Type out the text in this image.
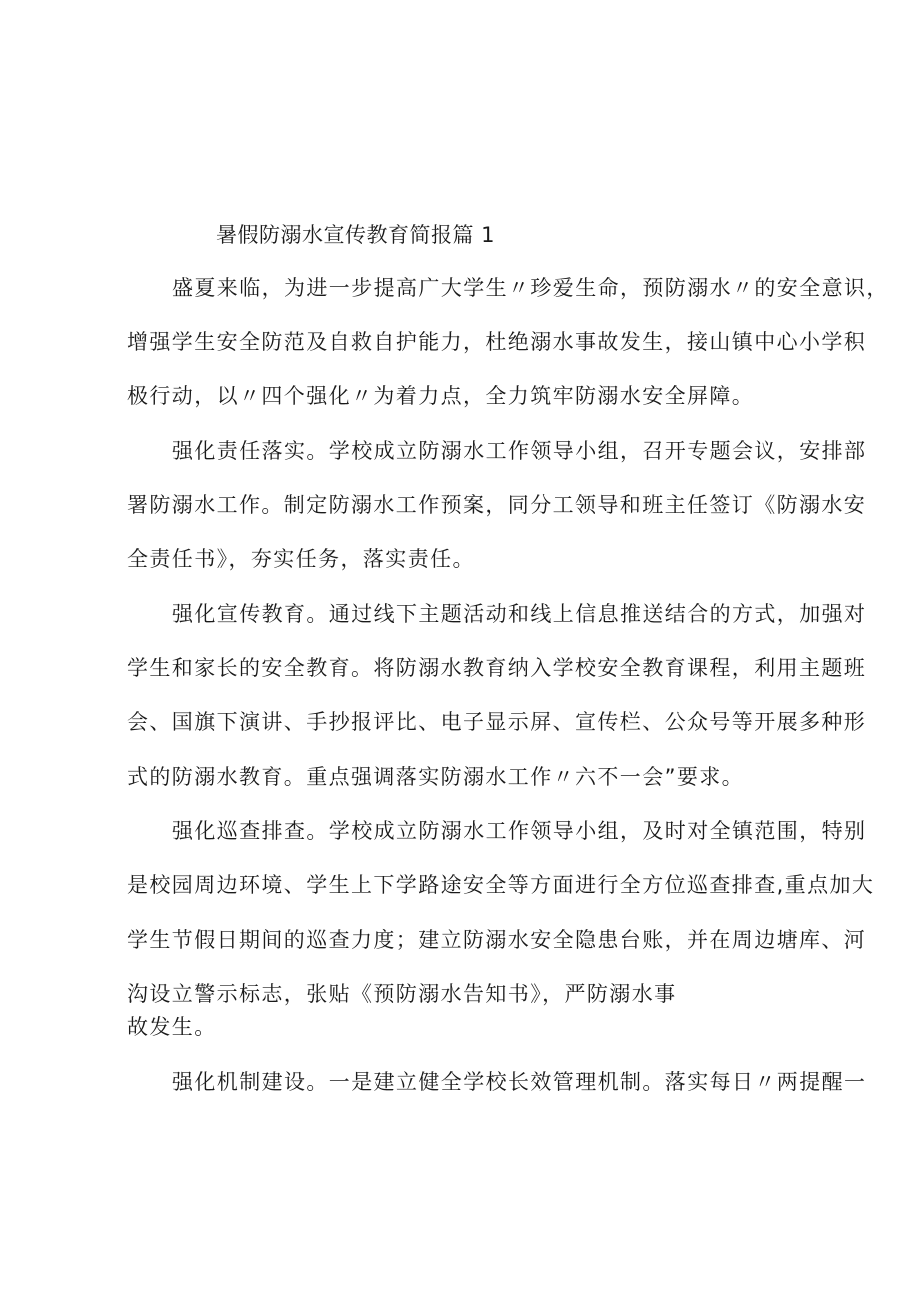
暑假防溺水宣传教育简报篇 1
盛夏来临，为进一步提高广大学生〃珍爱生命，预防溺水〃的安全意识，
增强学生安全防范及自救自护能力，杜绝溺水事故发生，接山镇中心小学积
极行动，以〃四个强化〃为着力点，全力筑牢防溺水安全屏障。
强化责任落实。学校成立防溺水工作领导小组，召开专题会议，安排部
署防溺水工作。制定防溺水工作预案，同分工领导和班主任签订《防溺水安
全责任书》，夯实任务，落实责任。
强化宣传教育。通过线下主题活动和线上信息推送结合的方式，加强对
学生和家长的安全教育。将防溺水教育纳入学校安全教育课程，利用主题班
会、国旗下演讲、手抄报评比、电子显示屏、宣传栏、公众号等开展多种形
式的防溺水教育。重点强调落实防溺水工作〃六不一会”要求。
强化巡查排查。学校成立防溺水工作领导小组，及时对全镇范围，特别
是校园周边环境、学生上下学路途安全等方面进行全方位巡查排查,重点加大
学生节假日期间的巡查力度；建立防溺水安全隐患台账，并在周边塘库、河
沟设立警示标志，张贴《预防溺水告知书》，严防溺水事
故发生。
强化机制建设。一是建立健全学校长效管理机制。落实每日〃两提醒一
